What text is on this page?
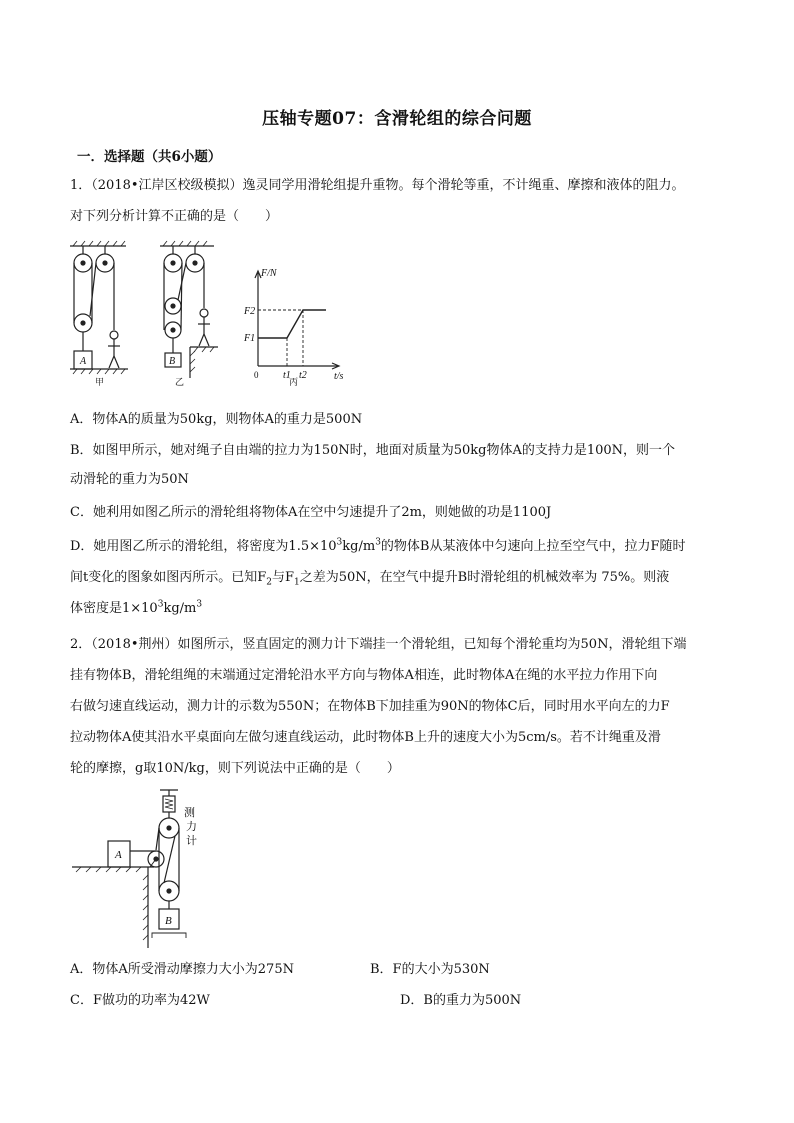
压轴专题07：含滑轮组的综合问题
一．选择题（共6小题）
1．（2018•江岸区校级模拟）逸灵同学用滑轮组提升重物。每个滑轮等重，不计绳重、摩擦和液体的阻力。
对下列分析计算不正确的是（　　）
A	B
F/N
t/s
F2
F1
t1 t2
0
甲	乙	丙
A．物体A的质量为50kg，则物体A的重力是500N
B．如图甲所示，她对绳子自由端的拉力为150N时，地面对质量为50kg物体A的支持力是100N，则一个
动滑轮的重力为50N
C．她利用如图乙所示的滑轮组将物体A在空中匀速提升了2m，则她做的功是1100J
D．她用图乙所示的滑轮组，将密度为$1.5\times 10^3kg/m^3$的物体B从某液体中匀速向上拉至空气中，拉力F随时
间t变化的图象如图丙所示。已知$F_2$与$F_1$之差为50N，在空气中提升B时滑轮组的机械效率为 75%。则液
体密度是$1\times 10^3kg/m^3$
2．（2018•荆州）如图所示，竖直固定的测力计下端挂一个滑轮组，已知每个滑轮重均为50N，滑轮组下端
挂有物体B，滑轮组绳的末端通过定滑轮沿水平方向与物体A相连，此时物体A在绳的水平拉力作用下向
右做匀速直线运动，测力计的示数为550N；在物体B下加挂重为90N的物体C后，同时用水平向左的力F
拉动物体A使其沿水平桌面向左做匀速直线运动，此时物体B上升的速度大小为5cm/s。若不计绳重及滑
轮的摩擦，g取10N/kg，则下列说法中正确的是（　　）
A
B
测
力
计
A．物体A所受滑动摩擦力大小为275N	B．F的大小为530N
C．F做功的功率为42W	D．B的重力为500N
